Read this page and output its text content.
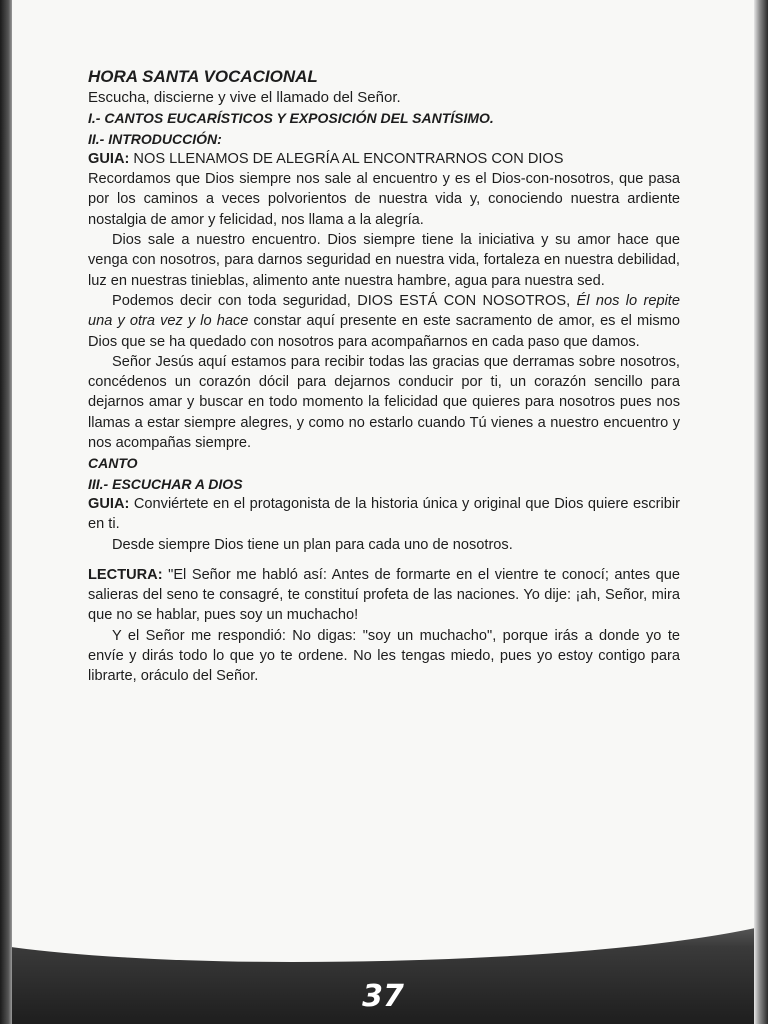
37
HORA SANTA VOCACIONAL

Escucha, discierne y vive el llamado del Señor.

I.- CANTOS EUCARÍSTICOS Y EXPOSICIÓN DEL SANTÍSIMO.

II.- INTRODUCCIÓN:

GUIA: NOS LLENAMOS DE ALEGRÍA AL ENCONTRARNOS CON DIOS

Recordamos que Dios siempre nos sale al encuentro y es el Dios-con-nosotros, que pasa por los caminos a veces polvorientos de nuestra vida y, conociendo nuestra ardiente nostalgia de amor y felicidad, nos llama a la alegría.

Dios sale a nuestro encuentro. Dios siempre tiene la iniciativa y su amor hace que venga con nosotros, para darnos seguridad en nuestra vida, fortaleza en nuestra debilidad, luz en nuestras tinieblas, alimento ante nuestra hambre, agua para nuestra sed.

Podemos decir con toda seguridad, DIOS ESTÁ CON NOSOTROS, Él nos lo repite una y otra vez y lo hace constar aquí presente en este sacramento de amor, es el mismo Dios que se ha quedado con nosotros para acompañarnos en cada paso que damos.

Señor Jesús aquí estamos para recibir todas las gracias que derramas sobre nosotros, concédenos un corazón dócil para dejarnos conducir por ti, un corazón sencillo para dejarnos amar y buscar en todo momento la felicidad que quieres para nosotros pues nos llamas a estar siempre alegres, y como no estarlo cuando Tú vienes a nuestro encuentro y nos acompañas siempre.

CANTO

III.- ESCUCHAR A DIOS

GUIA: Conviértete en el protagonista de la historia única y original que Dios quiere escribir en ti.

Desde siempre Dios tiene un plan para cada uno de nosotros.

LECTURA: "El Señor me habló así: Antes de formarte en el vientre te conocí; antes que salieras del seno te consagré, te constituí profeta de las naciones. Yo dije: ¡ah, Señor, mira que no se hablar, pues soy un muchacho!

Y el Señor me respondió: No digas: "soy un muchacho", porque irás a donde yo te envíe y dirás todo lo que yo te ordene. No les tengas miedo, pues yo estoy contigo para librarte, oráculo del Señor.
